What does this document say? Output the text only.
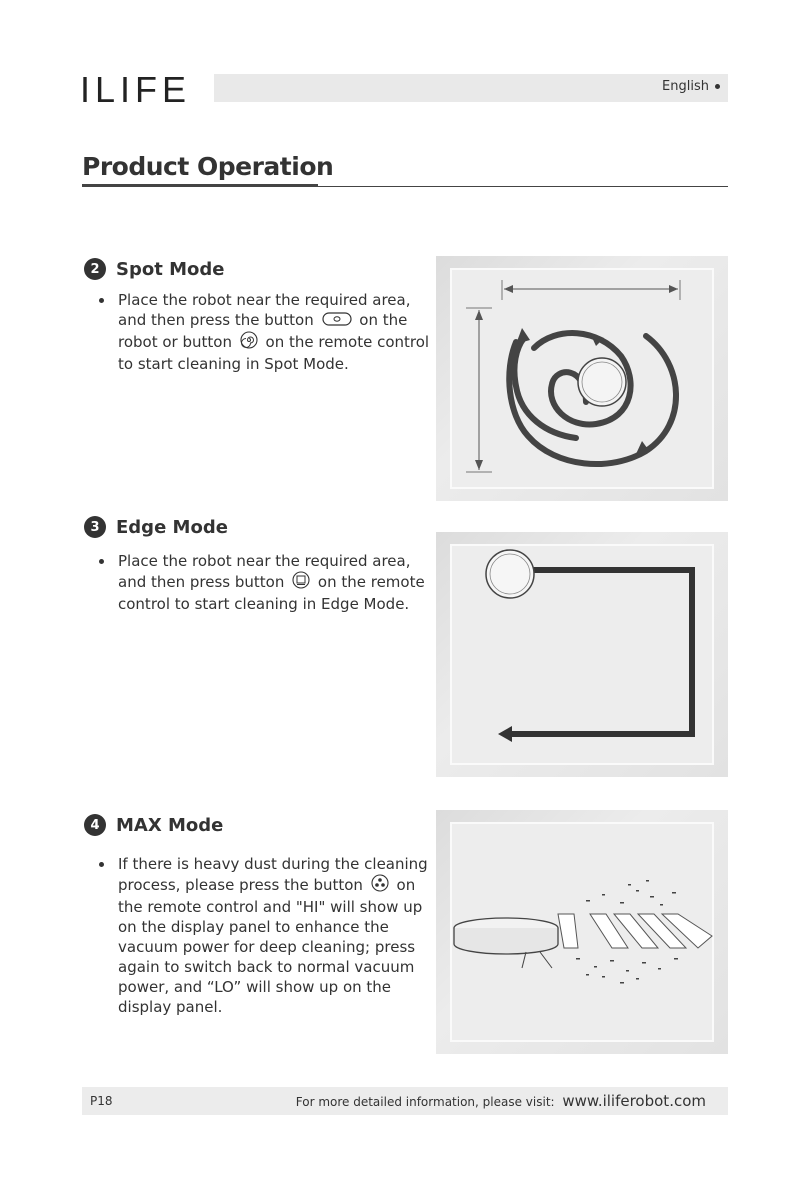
ILIFE	English
Product Operation
2 Spot Mode
Place the robot near the required area, and then press the button	on the robot or button on the remote control to start cleaning in Spot Mode.
3 Edge Mode
Place the robot near the required area, and then press button on the remote control to start cleaning in Edge Mode.
4 MAX Mode
If there is heavy dust during the cleaning process, please press the button on the remote control and "HI" will show up on the display panel to enhance the vacuum power for deep cleaning; press again to switch back to normal vacuum power, and “LO” will show up on the display panel.
P18	For more detailed information, please visit: www.iliferobot.com
